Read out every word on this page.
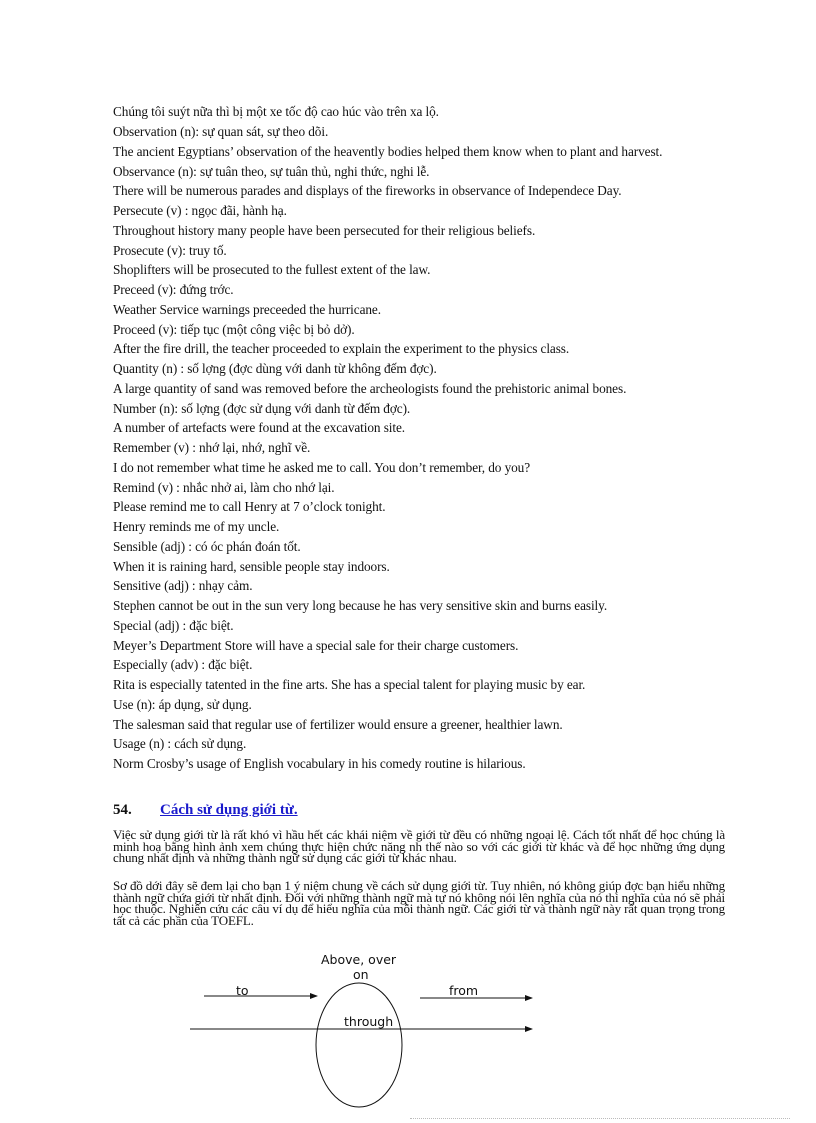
Chúng tôi suýt nữa thì bị một xe tốc độ cao húc vào trên xa lộ.
Observation (n): sự quan sát, sự theo dõi.
The ancient Egyptians’ observation of the heavently bodies helped them know when to plant and harvest.
Observance (n): sự tuân theo, sự tuân thủ, nghi thức, nghi lễ.
There will be numerous parades and displays of the fireworks in observance of Independece Day.
Persecute (v) : ngọc đãi, hành hạ.
Throughout history many people have been persecuted for their religious beliefs.
Prosecute (v): truy tố.
Shoplifters will be prosecuted to the fullest extent of the law.
Preceed (v): đứng trớc.
Weather Service warnings preceeded the hurricane.
Proceed (v): tiếp tục (một công việc bị bỏ dở).
After the fire drill, the teacher proceeded to explain the experiment to the physics class.
Quantity (n) : số lợng (đợc dùng với danh từ không đếm đợc).
A large quantity of sand was removed before the archeologists found the prehistoric animal bones.
Number (n): số lợng (đợc sử dụng với danh từ đếm đợc).
A number of artefacts were found at the excavation site.
Remember (v) : nhớ lại, nhớ, nghĩ về.
I do not remember what time he asked me to call. You don’t remember, do you?
Remind (v) : nhắc nhở ai, làm cho nhớ lại.
Please remind me to call Henry at 7 o’clock tonight.
Henry reminds me of my uncle.
Sensible (adj) : có óc phán đoán tốt.
When it is raining hard, sensible people stay indoors.
Sensitive (adj) : nhạy cảm.
Stephen cannot be out in the sun very long because he has very sensitive skin and burns easily.
Special (adj) : đặc biệt.
Meyer’s Department Store will have a special sale for their charge customers.
Especially (adv) : đặc biệt.
Rita is especially tatented in the fine arts. She has a special talent for playing music by ear.
Use (n): áp dụng, sử dụng.
The salesman said that regular use of fertilizer would ensure a greener, healthier lawn.
Usage (n) : cách sử dụng.
Norm Crosby’s usage of English vocabulary in his comedy routine is hilarious.
54. Cách sử dụng giới từ.
Việc sử dụng giới từ là rất khó vì hầu hết các khái niệm về giới từ đều có những ngoại lệ. Cách tốt nhất để học chúng là minh hoạ bằng hình ảnh xem chúng thực hiện chức năng nh thế nào so với các giới từ khác và để học những ứng dụng chung nhất định và những thành ngữ sử dụng các giới từ khác nhau.
Sơ đồ dới đây sẽ đem lại cho bạn 1 ý niệm chung về cách sử dụng giới từ. Tuy nhiên, nó không giúp đợc bạn hiểu những thành ngữ chứa giới từ nhất định. Đối với những thành ngữ mà tự nó không nói lên nghĩa của nó thì nghĩa của nó sẽ phải học thuộc. Nghiên cứu các câu ví dụ để hiểu nghĩa của mỗi thành ngữ. Các giới từ và thành ngữ này rất quan trọng trong tất cả các phần của TOEFL.
Above, over
on
to	from
through
